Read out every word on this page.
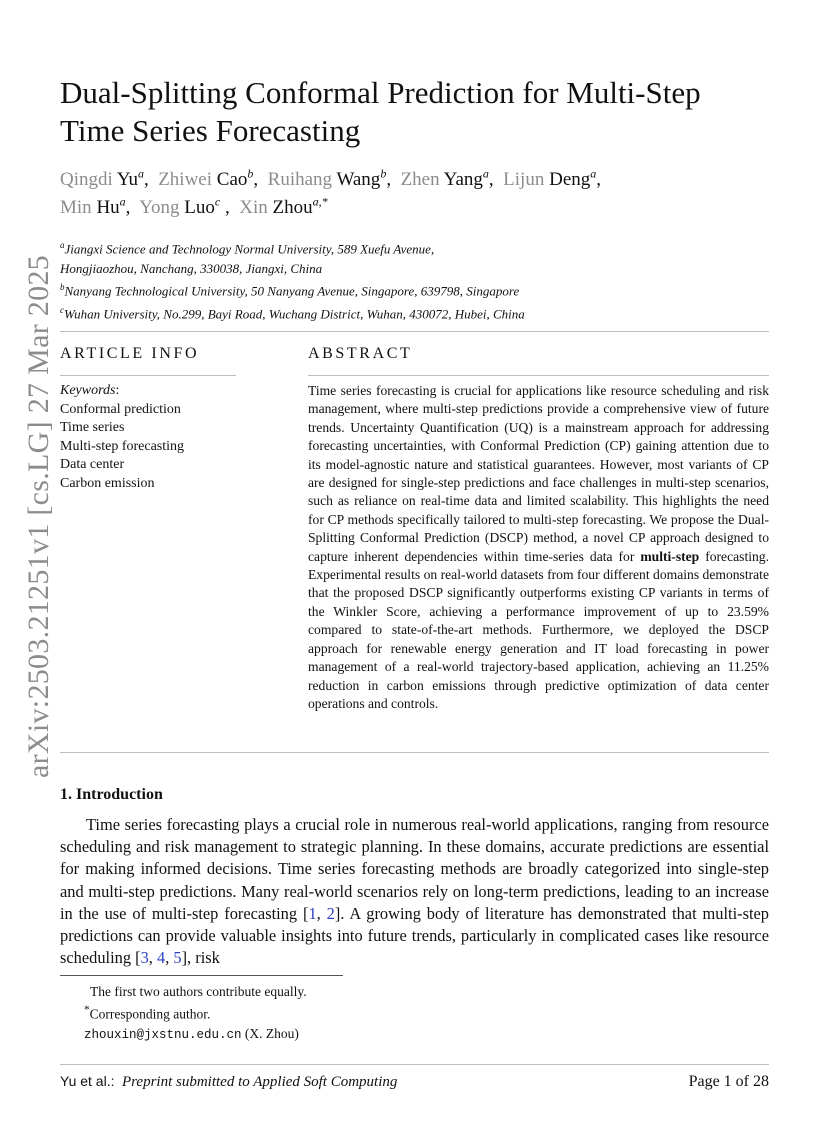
arXiv:2503.21251v1 [cs.LG] 27 Mar 2025
Dual-Splitting Conformal Prediction for Multi-Step Time Series Forecasting
Qingdi Yu$^a$,  Zhiwei Cao$^b$,  Ruihang Wang$^b$,  Zhen Yang$^a$,  Lijun Deng$^a$,
Min Hu$^a$,  Yong Luo$^c$ ,  Xin Zhou$^{a,*}$
$^a$Jiangxi Science and Technology Normal University, 589 Xuefu Avenue,
Hongjiaozhou, Nanchang, 330038, Jiangxi, China
$^b$Nanyang Technological University, 50 Nanyang Avenue, Singapore, 639798, Singapore
$^c$Wuhan University, No.299, Bayi Road, Wuchang District, Wuhan, 430072, Hubei, China
ARTICLE INFO	ABSTRACT
Keywords:
Conformal prediction
Time series
Multi-step forecasting
Data center
Carbon emission
Time series forecasting is crucial for applications like resource scheduling and risk management, where multi-step predictions provide a comprehensive view of future trends. Uncertainty Quantification (UQ) is a mainstream approach for addressing forecasting uncertainties, with Conformal Prediction (CP) gaining attention due to its model-agnostic nature and statistical guarantees. However, most variants of CP are designed for single-step predictions and face challenges in multi-step scenarios, such as reliance on real-time data and limited scalability. This highlights the need for CP methods specifically tailored to multi-step forecasting. We propose the Dual-Splitting Conformal Prediction (DSCP) method, a novel CP approach designed to capture inherent dependencies within time-series data for multi-step forecasting. Experimental results on real-world datasets from four different domains demonstrate that the proposed DSCP significantly outperforms existing CP variants in terms of the Winkler Score, achieving a performance improvement of up to 23.59% compared to state-of-the-art methods. Furthermore, we deployed the DSCP approach for renewable energy generation and IT load forecasting in power management of a real-world trajectory-based application, achieving an 11.25% reduction in carbon emissions through predictive optimization of data center operations and controls.
1. Introduction

Time series forecasting plays a crucial role in numerous real-world applications, ranging from resource scheduling and risk management to strategic planning. In these domains, accurate predictions are essential for making informed decisions. Time series forecasting methods are broadly categorized into single-step and multi-step predictions. Many real-world scenarios rely on long-term predictions, leading to an increase in the use of multi-step forecasting [1, 2]. A growing body of literature has demonstrated that multi-step predictions can provide valuable insights into future trends, particularly in complicated cases like resource scheduling [3, 4, 5], risk

The first two authors contribute equally.
*Corresponding author.
zhouxin@jxstnu.edu.cn (X. Zhou)
Yu et al.: Preprint submitted to Applied Soft Computing	Page 1 of 28
